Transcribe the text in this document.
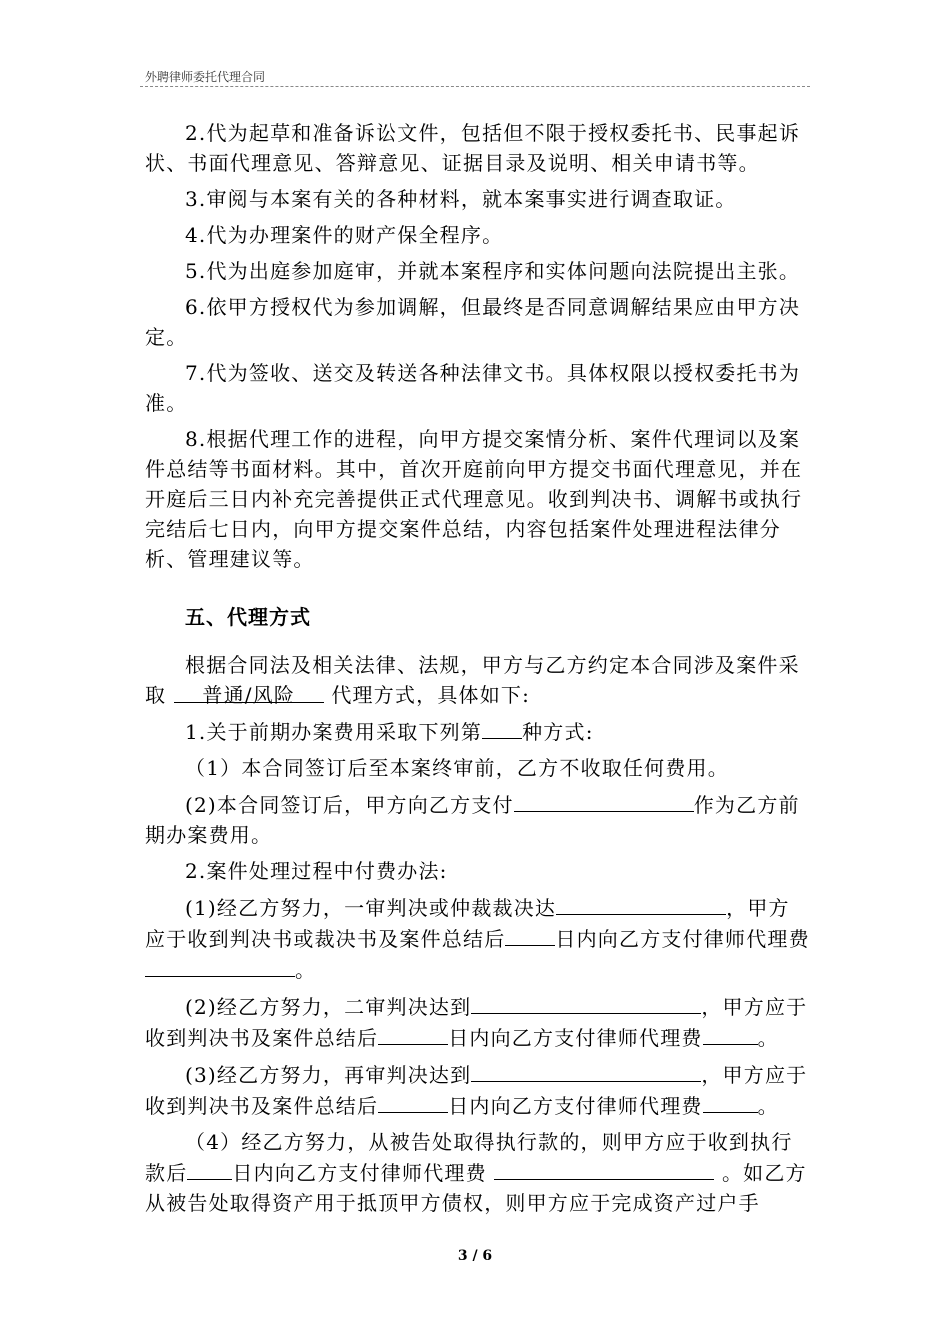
外聘律师委托代理合同

2.代为起草和准备诉讼文件，包括但不限于授权委托书、民事起诉状、书面代理意见、答辩意见、证据目录及说明、相关申请书等。

3.审阅与本案有关的各种材料，就本案事实进行调查取证。

4.代为办理案件的财产保全程序。

5.代为出庭参加庭审，并就本案程序和实体问题向法院提出主张。

6.依甲方授权代为参加调解，但最终是否同意调解结果应由甲方决定。

7.代为签收、送交及转送各种法律文书。具体权限以授权委托书为准。

8.根据代理工作的进程，向甲方提交案情分析、案件代理词以及案件总结等书面材料。其中，首次开庭前向甲方提交书面代理意见，并在开庭后三日内补充完善提供正式代理意见。收到判决书、调解书或执行完结后七日内，向甲方提交案件总结，内容包括案件处理进程法律分析、管理建议等。

五、代理方式

根据合同法及相关法律、法规，甲方与乙方约定本合同涉及案件采取 普通/风险 代理方式，具体如下:

1.关于前期办案费用采取下列第 种方式:

（1）本合同签订后至本案终审前，乙方不收取任何费用。

(2)本合同签订后，甲方向乙方支付	作为乙方前期办案费用。

2.案件处理过程中付费办法:

(1)经乙方努力，一审判决或仲裁裁决达	，甲方应于收到判决书或裁决书及案件总结后	日内向乙方支付律师代理费。

(2)经乙方努力，二审判决达到	，甲方应于收到判决书及案件总结后	日内向乙方支付律师代理费	。

(3)经乙方努力，再审判决达到	，甲方应于收到判决书及案件总结后	日内向乙方支付律师代理费	。

（4）经乙方努力，从被告处取得执行款的，则甲方应于收到执行款后 日内向乙方支付律师代理费	。如乙方从被告处取得资产用于抵顶甲方债权，则甲方应于完成资产过户手

3 / 6
